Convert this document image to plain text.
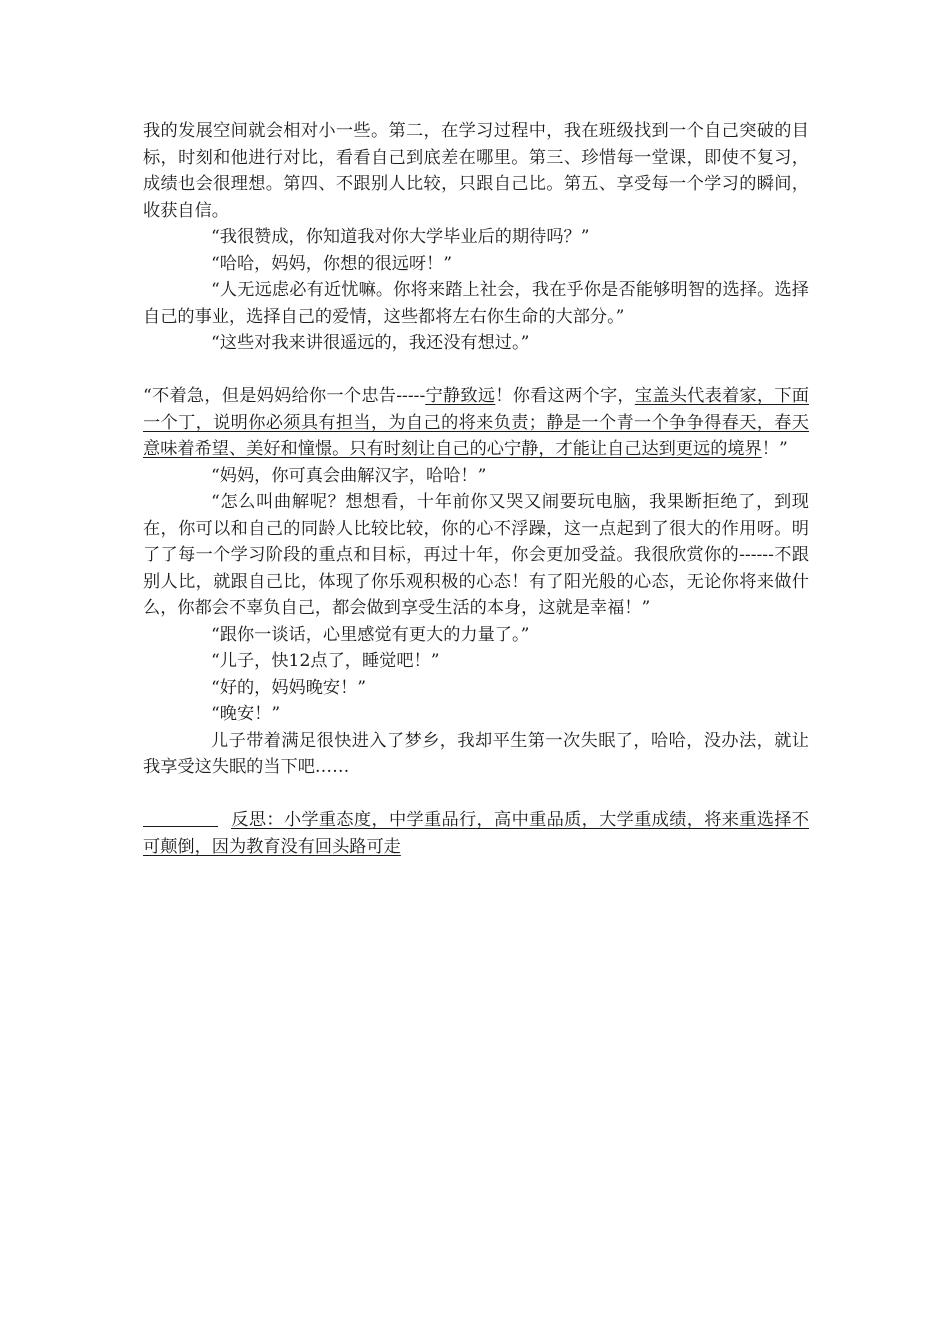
我的发展空间就会相对小一些。第二，在学习过程中，我在班级找到一个自己突破的目标，时刻和他进行对比，看看自己到底差在哪里。第三、珍惜每一堂课，即使不复习，成绩也会很理想。第四、不跟别人比较，只跟自己比。第五、享受每一个学习的瞬间，收获自信。

“我很赞成，你知道我对你大学毕业后的期待吗？”

“哈哈，妈妈，你想的很远呀！”

“人无远虑必有近忧嘛。你将来踏上社会，我在乎你是否能够明智的选择。选择自己的事业，选择自己的爱情，这些都将左右你生命的大部分。”

“这些对我来讲很遥远的，我还没有想过。”

“不着急，但是妈妈给你一个忠告-----宁静致远！你看这两个字，宝盖头代表着家，下面一个丁，说明你必须具有担当，为自己的将来负责；静是一个青一个争争得春天，春天意味着希望、美好和憧憬。只有时刻让自己的心宁静，才能让自己达到更远的境界！”

“妈妈，你可真会曲解汉字，哈哈！”

“怎么叫曲解呢？想想看，十年前你又哭又闹要玩电脑，我果断拒绝了，到现在，你可以和自己的同龄人比较比较，你的心不浮躁，这一点起到了很大的作用呀。明了了每一个学习阶段的重点和目标，再过十年，你会更加受益。我很欣赏你的------不跟别人比，就跟自己比，体现了你乐观积极的心态！有了阳光般的心态，无论你将来做什么，你都会不辜负自己，都会做到享受生活的本身，这就是幸福！”

“跟你一谈话，心里感觉有更大的力量了。”

“儿子，快12点了，睡觉吧！”

“好的，妈妈晚安！”

“晚安！”

儿子带着满足很快进入了梦乡，我却平生第一次失眠了，哈哈，没办法，就让我享受这失眠的当下吧……

反思：小学重态度，中学重品行，高中重品质，大学重成绩，将来重选择不可颠倒，因为教育没有回头路可走
